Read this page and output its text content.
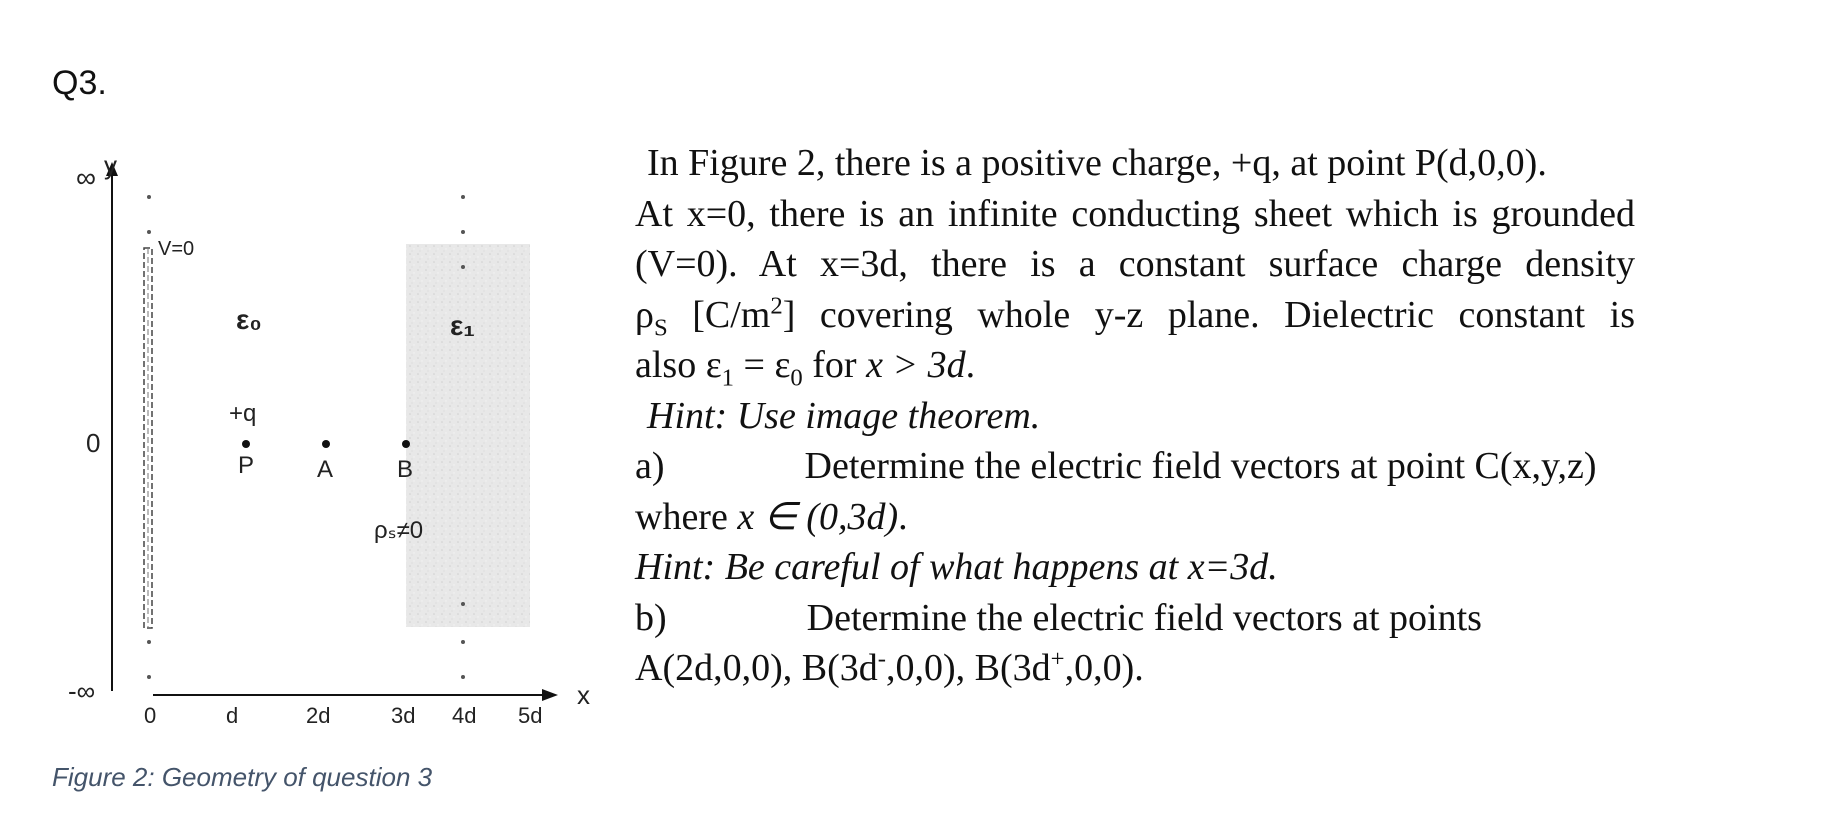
Q3.
y
x
∞
0
-∞
0	d	2d	3d 4d 5d
V=0
ε₀	ε₁
+q
P	A	B
ρₛ≠0
Figure 2: Geometry of question 3
In Figure 2, there is a positive charge, +q, at point P(d,0,0).
At x=0, there is an infinite conducting sheet which is grounded
(V=0). At x=3d, there is a constant surface charge density
$\rho_S$ $[C/m^2]$ covering whole y-z plane. Dielectric constant is
also $\varepsilon_1 = \varepsilon_0$ for x > 3d.
Hint: Use image theorem.
a)	Determine the electric field vectors at point C(x,y,z)
where x ∈ (0,3d).
Hint: Be careful of what happens at x=3d.
b)	Determine the electric field vectors at points
A(2d,0,0), B(3d-,0,0), B(3d+,0,0).
